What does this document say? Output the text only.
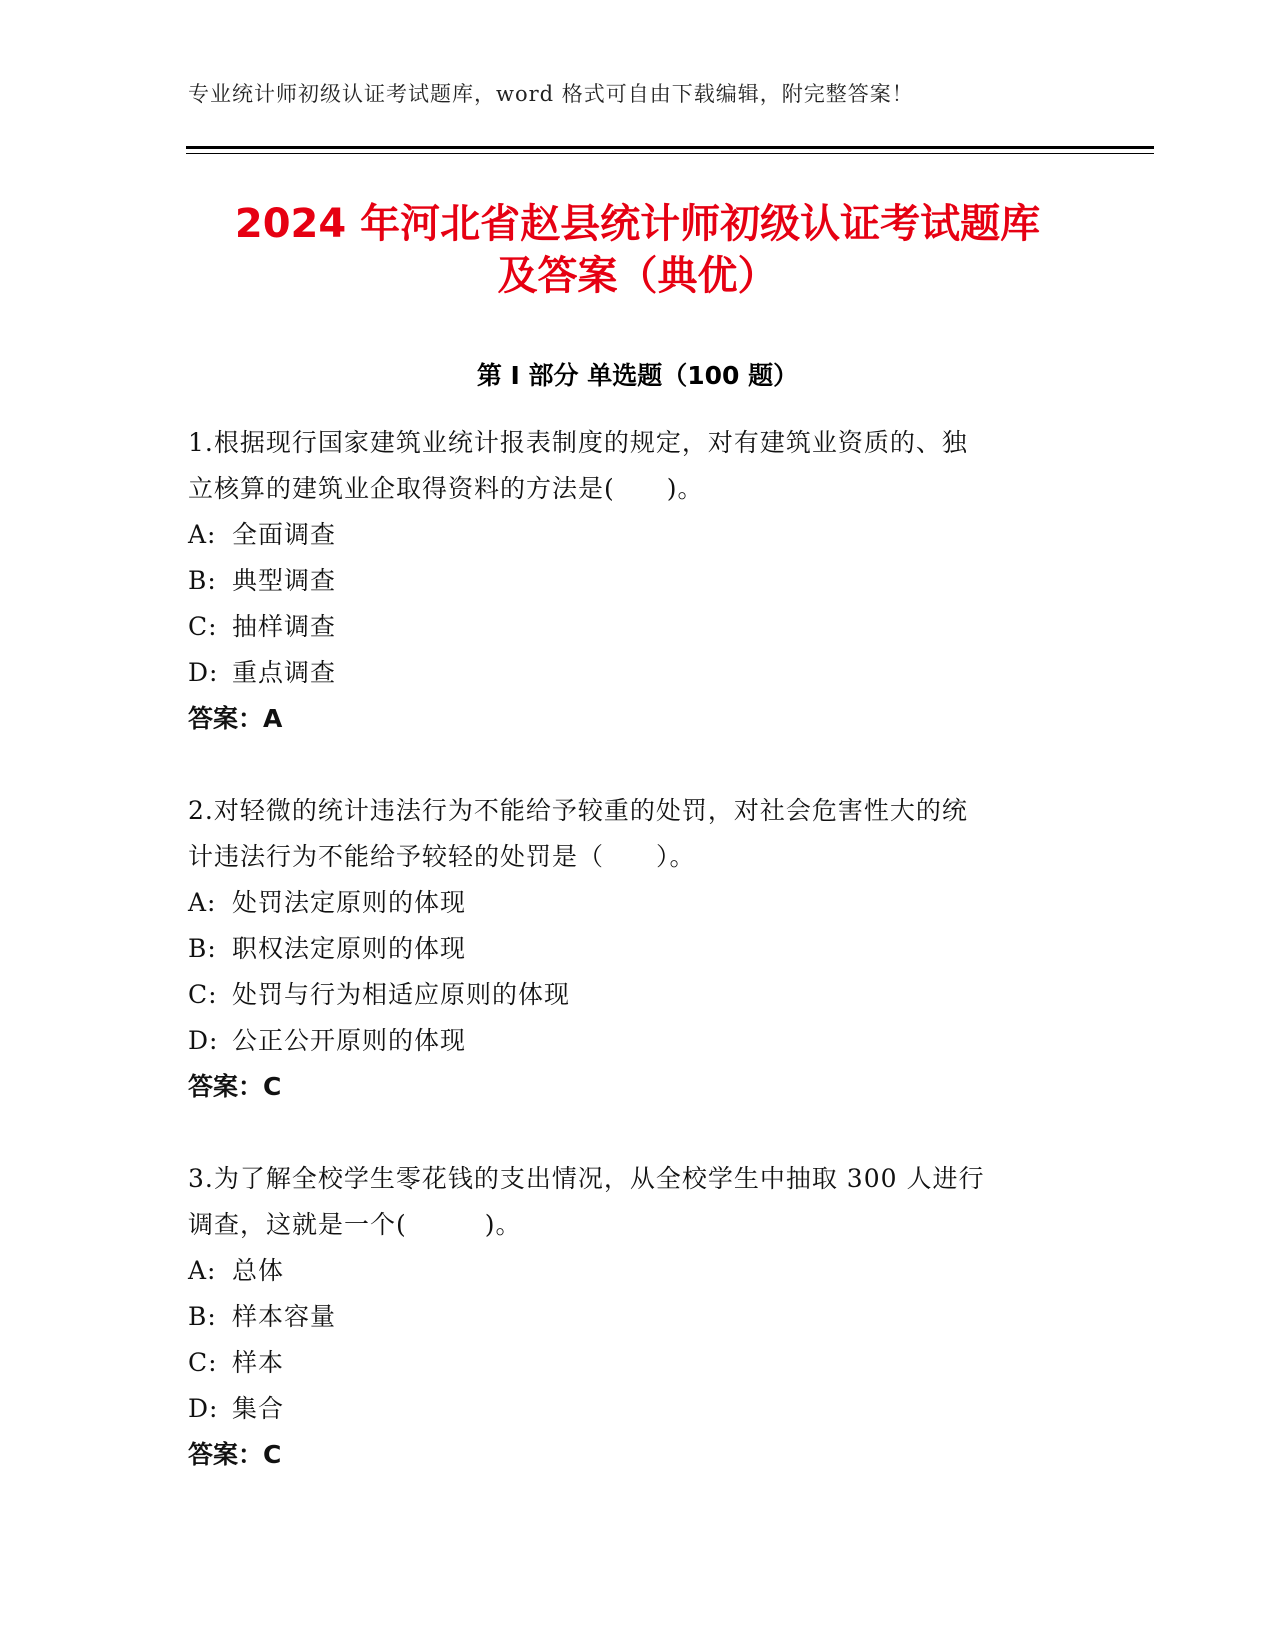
专业统计师初级认证考试题库，word 格式可自由下载编辑，附完整答案！
2024 年河北省赵县统计师初级认证考试题库
及答案（典优）
第 I 部分 单选题（100 题）

1.根据现行国家建筑业统计报表制度的规定，对有建筑业资质的、独
立核算的建筑业企取得资料的方法是(　　)。

A: 全面调查

B: 典型调查

C: 抽样调查

D: 重点调查

答案：A

2.对轻微的统计违法行为不能给予较重的处罚，对社会危害性大的统
计违法行为不能给予较轻的处罚是（　　）。

A: 处罚法定原则的体现

B: 职权法定原则的体现

C: 处罚与行为相适应原则的体现

D: 公正公开原则的体现

答案：C

3.为了解全校学生零花钱的支出情况，从全校学生中抽取 300 人进行
调查，这就是一个(　　　)。

A: 总体

B: 样本容量

C: 样本

D: 集合

答案：C
